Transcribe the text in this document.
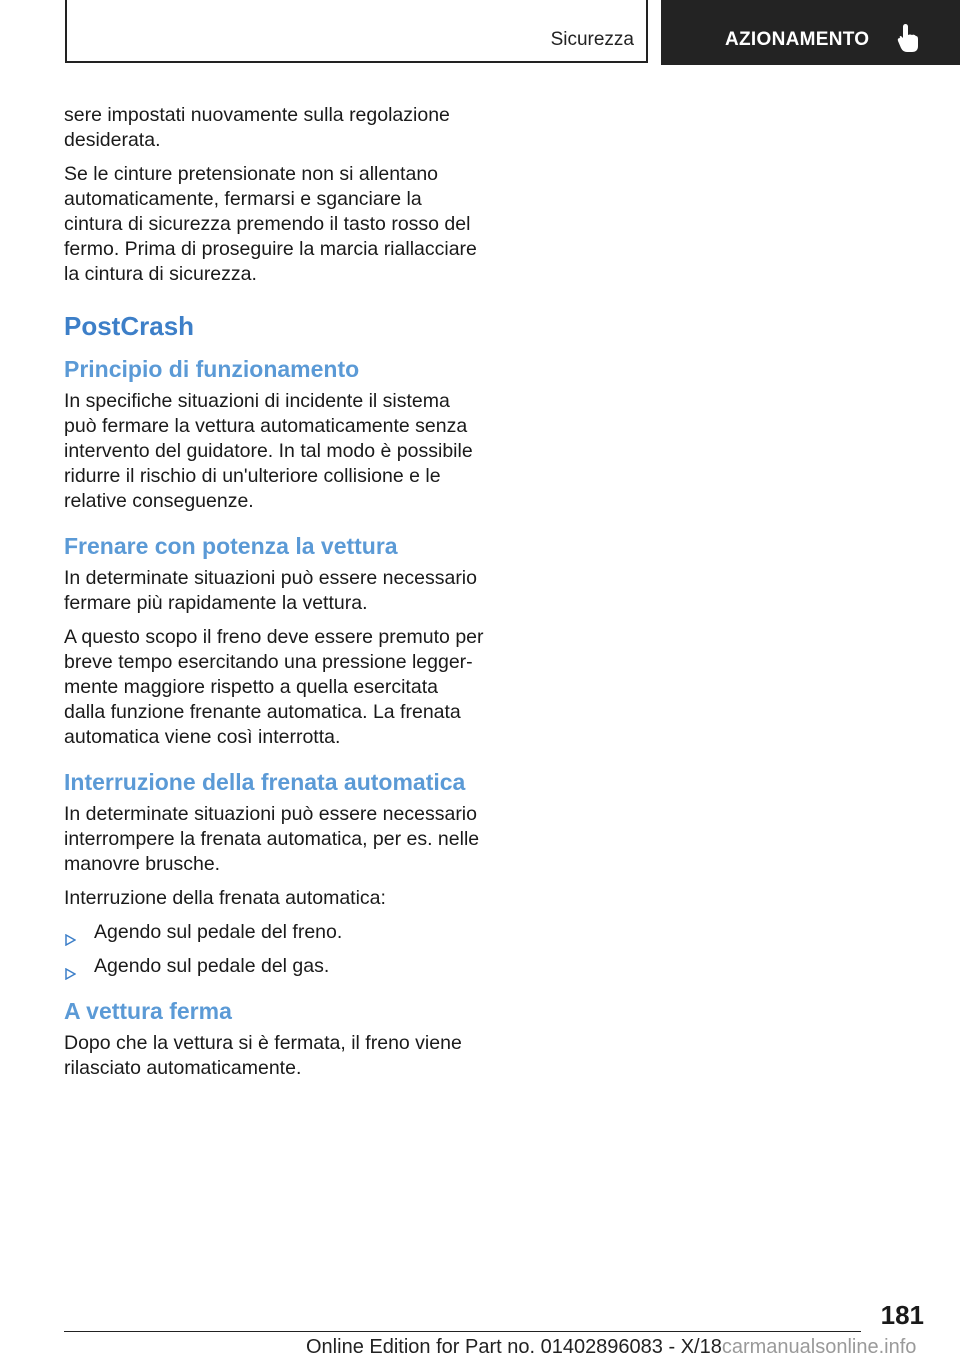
Sicurezza	AZIONAMENTO

sere impostati nuovamente sulla regolazione desiderata.

Se le cinture pretensionate non si allentano automaticamente, fermarsi e sganciare la cintura di sicurezza premendo il tasto rosso del fermo. Prima di proseguire la marcia riallacciare la cintura di sicurezza.

PostCrash
Principio di funzionamento

In specifiche situazioni di incidente il sistema può fermare la vettura automaticamente senza intervento del guidatore. In tal modo è possibile ridurre il rischio di un'ulteriore collisione e le relative conseguenze.

Frenare con potenza la vettura

In determinate situazioni può essere necessario fermare più rapidamente la vettura.

A questo scopo il freno deve essere premuto per breve tempo esercitando una pressione leggermente maggiore rispetto a quella esercitata dalla funzione frenante automatica. La frenata automatica viene così interrotta.

Interruzione della frenata automatica

In determinate situazioni può essere necessario interrompere la frenata automatica, per es. nelle manovre brusche.

Interruzione della frenata automatica:

Agendo sul pedale del freno.
Agendo sul pedale del gas.
A vettura ferma

Dopo che la vettura si è fermata, il freno viene rilasciato automaticamente.

181
Online Edition for Part no. 01402896083 - X/18carmanualsonline.info
